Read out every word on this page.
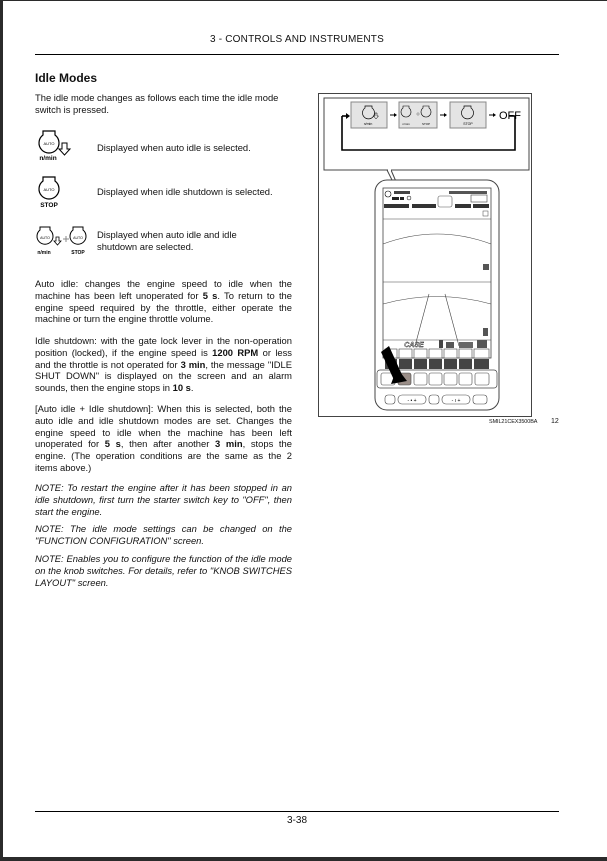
3 - CONTROLS AND INSTRUMENTS
Idle Modes
The idle mode changes as follows each time the idle mode switch is pressed.
AUTO
n/min
Displayed when auto idle is selected.
AUTO
STOP
Displayed when idle shutdown is selected.
AUTO
n/min
AUTO
STOP
Displayed when auto idle and idle
shutdown are selected.
Auto idle: changes the engine speed to idle when the machine has been left unoperated for 5 s. To return to the engine speed required by the throttle, either operate the machine or turn the engine throttle volume.
Idle shutdown: with the gate lock lever in the non-operation position (locked), if the engine speed is 1200 RPM or less and the throttle is not operated for 3 min, the message "IDLE SHUT DOWN" is displayed on the screen and an alarm sounds, then the engine stops in 10 s.
[Auto idle + Idle shutdown]: When this is selected, both the auto idle and idle shutdown modes are set. Changes the engine speed to idle when the machine has been left unoperated for 5 s, then after another 3 min, stops the engine. (The operation conditions are the same as the 2 items above.)
NOTE: To restart the engine after it has been stopped in an idle shutdown, first turn the starter switch key to "OFF", then start the engine.
NOTE: The idle mode settings can be changed on the "FUNCTION CONFIGURATION" screen.
NOTE: Enables you to configure the function of the idle mode on the knob switches. For details, refer to "KNOB SWITCHES LAYOUT" screen.
n/min	n/min	STOP	STOP
OFF
CASE
- • +	- ı +
SMIL21CEX3500BA 12
3-38
